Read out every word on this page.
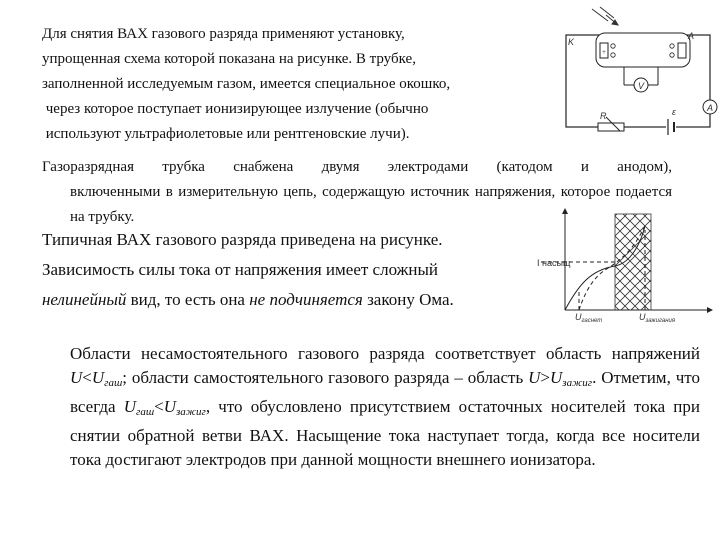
Для снятия ВАХ газового разряда применяют установку,

упрощенная схема которой показана на рисунке. В трубке,

заполненной исследуемым газом, имеется специальное окошко,

через которое поступает ионизирующее излучение (обычно

используют ультрафиолетовые или рентгеновские лучи).

+
K
A
V
R	ε	A
Газоразрядная трубка снабжена двумя электродами (катодом и анодом),
включенными в измерительную цепь, содержащую источник напряжения, которое подается на трубку.
Типичная ВАХ газового разряда приведена на рисунке.
Зависимость силы тока от напряжения имеет сложный
нелинейный вид, то есть она не подчиняется закону Ома.
I насыщ
$U_{гаснет}$	$U_{зажигания}$
Области несамостоятельного газового разряда соответствует область напряжений $U<U_{гаш}$; области самостоятельного газового разряда – область $U>U_{зажиг}$. Отметим, что всегда $U_{гаш}<U_{зажиг}$, что обусловлено присутствием остаточных носителей тока при снятии обратной ветви ВАХ. Насыщение тока наступает тогда, когда все носители тока достигают электродов при данной мощности внешнего ионизатора.
